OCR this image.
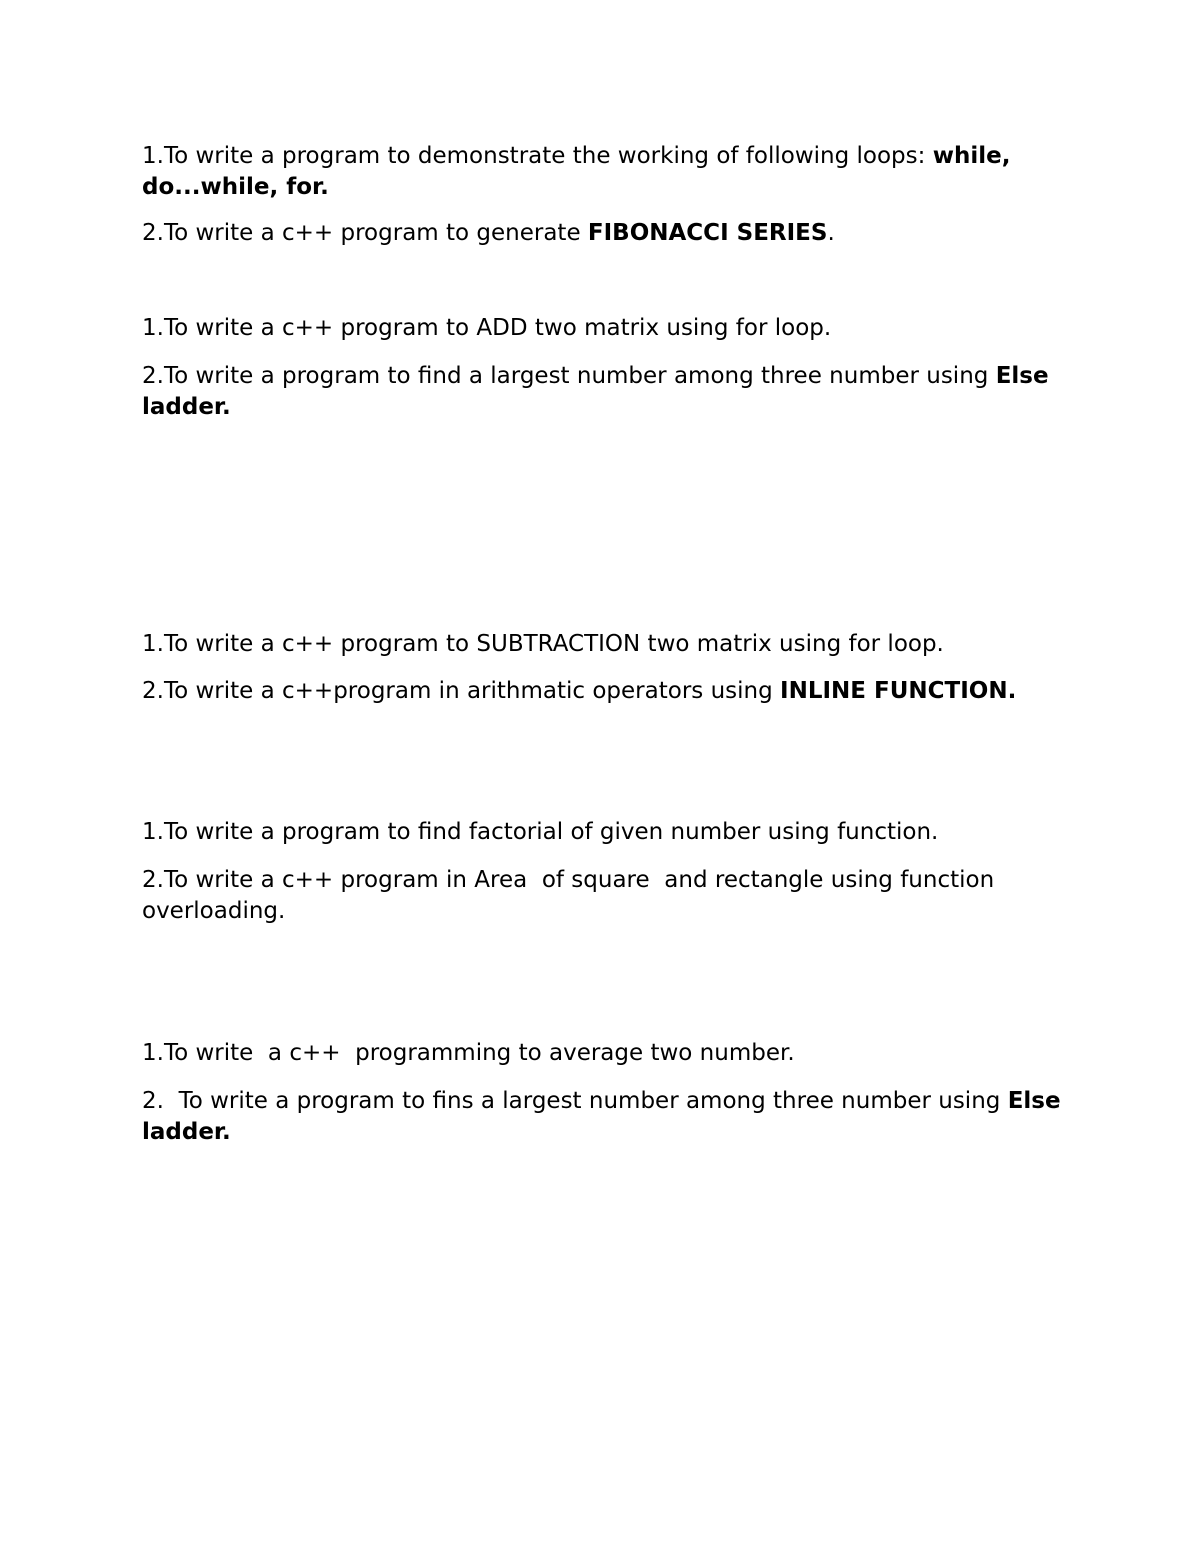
1.To write a program to demonstrate the working of following loops: while, do...while, for.

2.To write a c++ program to generate FIBONACCI SERIES.

1.To write a c++ program to ADD two matrix using for loop.

2.To write a program to find a largest number among three number using Else ladder.

1.To write a c++ program to SUBTRACTION two matrix using for loop.

2.To write a c++program in arithmatic operators using INLINE FUNCTION.

1.To write a program to find factorial of given number using function.

2.To write a c++ program in Area  of square  and rectangle using function overloading.

1.To write  a c++  programming to average two number.

2.  To write a program to fins a largest number among three number using Else ladder.
